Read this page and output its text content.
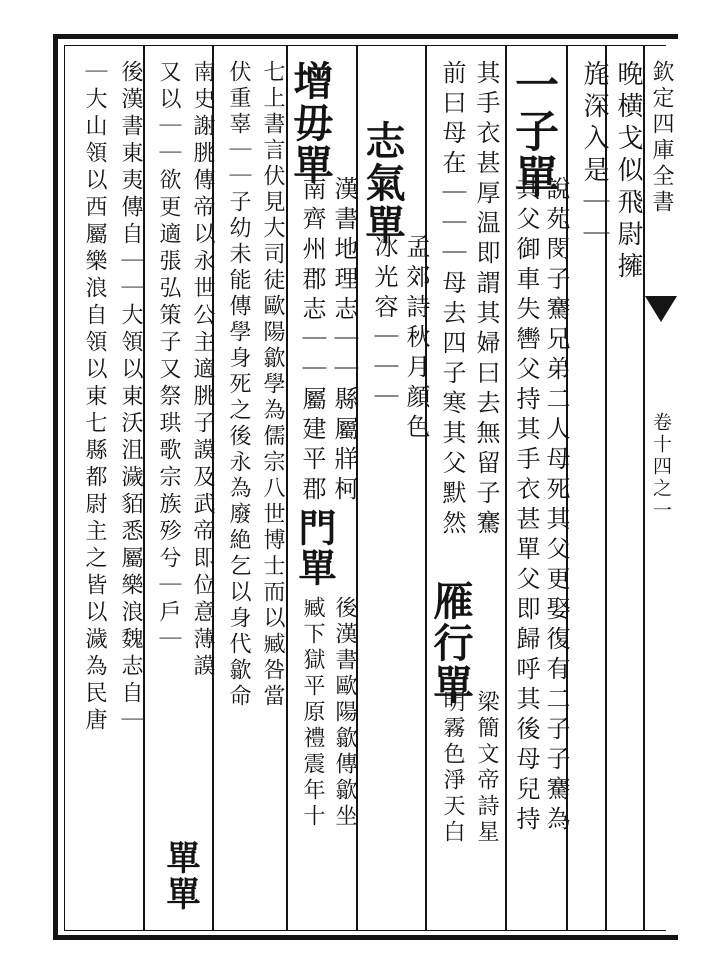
欽定四庫全書
卷十四之一
晚横戈似飛尉擁
旄深入是｜｜
一子單
說苑閔子騫兄弟二人母死其父更娶復有二子子騫為
其父御車失轡父持其手衣甚單父即歸呼其後母兒持
其手衣甚厚温即謂其婦曰去無留子騫
前曰母在｜｜｜母去四子寒其父默然
雁行單
梁簡文帝詩星
明霧色淨天白
志氣單
孟郊詩秋月顔色
冰光容｜｜｜
增毋單
漢書地理志｜｜縣屬牂柯
南齊州郡志｜｜屬建平郡
門單
後漢書歐陽歙傳歙坐
臧下獄平原禮震年十
七上書言伏見大司徒歐陽歙學為儒宗八世博士而以臧咎當
伏重辜｜｜子幼未能傳學身死之後永為廢絶乞以身代歙命
南史謝朓傳帝以永世公主適朓子謨及武帝即位意薄謨
又以｜｜欲更適張弘策子又祭珙歌宗族殄兮｜戶｜
單單
後漢書東夷傳自｜｜大領以東沃沮濊貊悉屬樂浪魏志自｜
｜大山領以西屬樂浪自領以東七縣都尉主之皆以濊為民唐
